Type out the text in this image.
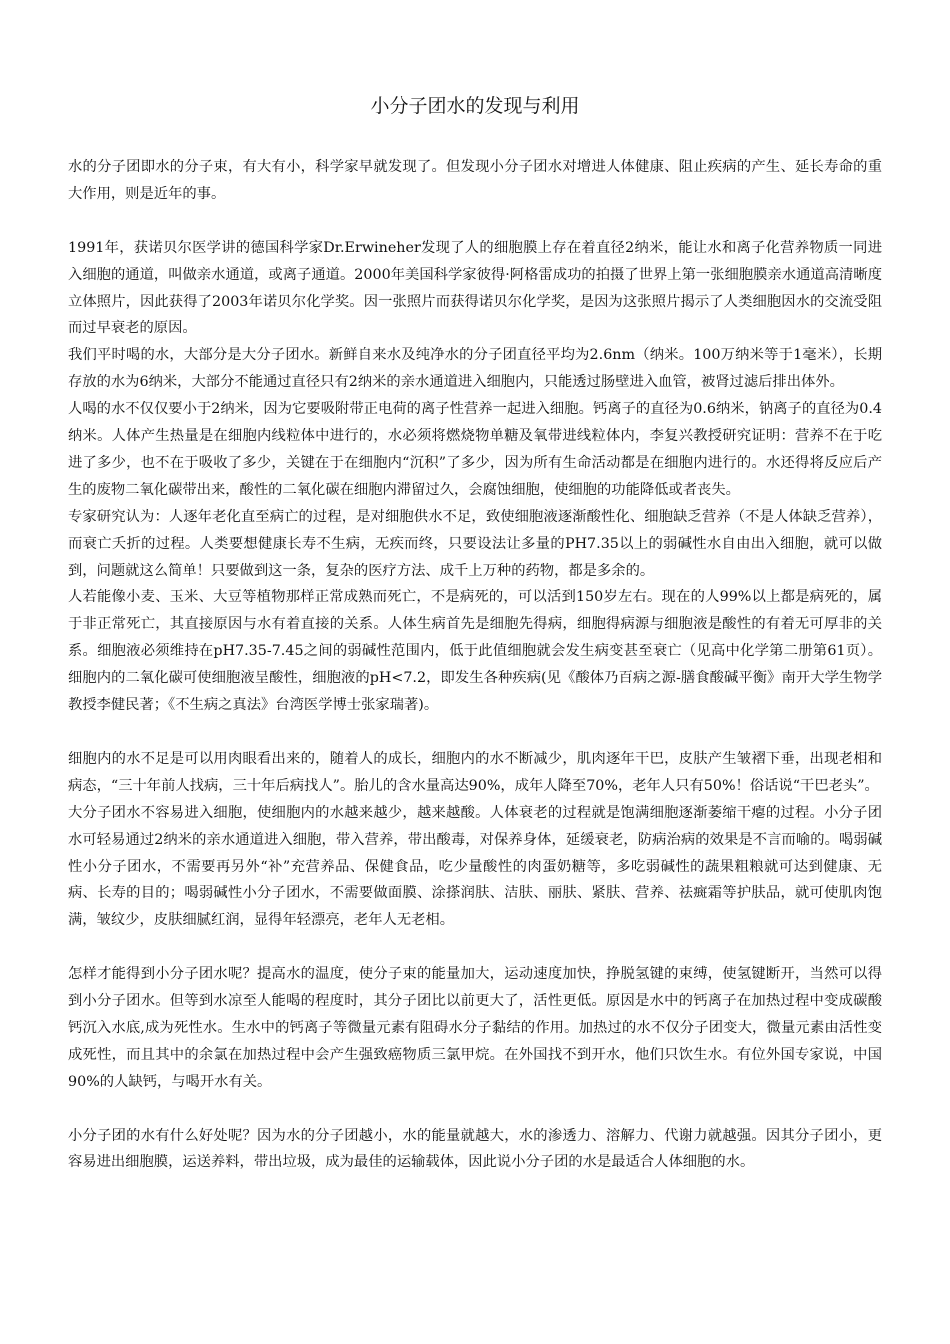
小分子团水的发现与利用

水的分子团即水的分子束，有大有小，科学家早就发现了。但发现小分子团水对增进人体健康、阻止疾病的产生、延长寿命的重大作用，则是近年的事。

1991年，获诺贝尔医学讲的德国科学家Dr.Erwineher发现了人的细胞膜上存在着直径2纳米，能让水和离子化营养物质一同进入细胞的通道，叫做亲水通道，或离子通道。2000年美国科学家彼得·阿格雷成功的拍摄了世界上第一张细胞膜亲水通道高清晰度立体照片，因此获得了2003年诺贝尔化学奖。因一张照片而获得诺贝尔化学奖，是因为这张照片揭示了人类细胞因水的交流受阻而过早衰老的原因。

我们平时喝的水，大部分是大分子团水。新鲜自来水及纯净水的分子团直径平均为2.6nm（纳米。100万纳米等于1毫米），长期存放的水为6纳米，大部分不能通过直径只有2纳米的亲水通道进入细胞内，只能透过肠壁进入血管，被肾过滤后排出体外。

人喝的水不仅仅要小于2纳米，因为它要吸附带正电荷的离子性营养一起进入细胞。钙离子的直径为0.6纳米，钠离子的直径为0.4纳米。人体产生热量是在细胞内线粒体中进行的，水必须将燃烧物单糖及氧带进线粒体内，李复兴教授研究证明：营养不在于吃进了多少，也不在于吸收了多少，关键在于在细胞内“沉积”了多少，因为所有生命活动都是在细胞内进行的。水还得将反应后产生的废物二氧化碳带出来，酸性的二氧化碳在细胞内滞留过久，会腐蚀细胞，使细胞的功能降低或者丧失。

专家研究认为：人逐年老化直至病亡的过程，是对细胞供水不足，致使细胞液逐渐酸性化、细胞缺乏营养（不是人体缺乏营养），而衰亡夭折的过程。人类要想健康长寿不生病，无疾而终，只要设法让多量的PH7.35以上的弱碱性水自由出入细胞，就可以做到，问题就这么简单！只要做到这一条，复杂的医疗方法、成千上万种的药物，都是多余的。

人若能像小麦、玉米、大豆等植物那样正常成熟而死亡，不是病死的，可以活到150岁左右。现在的人99%以上都是病死的，属于非正常死亡，其直接原因与水有着直接的关系。人体生病首先是细胞先得病，细胞得病源与细胞液是酸性的有着无可厚非的关系。细胞液必须维持在pH7.35-7.45之间的弱碱性范围内，低于此值细胞就会发生病变甚至衰亡（见高中化学第二册第61页）。细胞内的二氧化碳可使细胞液呈酸性，细胞液的pH<7.2，即发生各种疾病(见《酸体乃百病之源-膳食酸碱平衡》南开大学生物学教授李健民著；《不生病之真法》台湾医学博士张家瑞著)。

细胞内的水不足是可以用肉眼看出来的，随着人的成长，细胞内的水不断减少，肌肉逐年干巴，皮肤产生皱褶下垂，出现老相和病态，“三十年前人找病，三十年后病找人”。胎儿的含水量高达90%，成年人降至70%，老年人只有50%！俗话说“干巴老头”。

大分子团水不容易进入细胞，使细胞内的水越来越少，越来越酸。人体衰老的过程就是饱满细胞逐渐萎缩干瘪的过程。小分子团水可轻易通过2纳米的亲水通道进入细胞，带入营养，带出酸毒，对保养身体，延缓衰老，防病治病的效果是不言而喻的。喝弱碱性小分子团水，不需要再另外“补”充营养品、保健食品，吃少量酸性的肉蛋奶糖等，多吃弱碱性的蔬果粗粮就可达到健康、无病、长寿的目的；喝弱碱性小分子团水，不需要做面膜、涂搽润肤、洁肤、丽肤、紧肤、营养、祛癍霜等护肤品，就可使肌肉饱满，皱纹少，皮肤细腻红润，显得年轻漂亮，老年人无老相。

怎样才能得到小分子团水呢？提高水的温度，使分子束的能量加大，运动速度加快，挣脱氢键的束缚，使氢键断开，当然可以得到小分子团水。但等到水凉至人能喝的程度时，其分子团比以前更大了，活性更低。原因是水中的钙离子在加热过程中变成碳酸钙沉入水底,成为死性水。生水中的钙离子等微量元素有阻碍水分子黏结的作用。加热过的水不仅分子团变大，微量元素由活性变成死性，而且其中的余氯在加热过程中会产生强致癌物质三氯甲烷。在外国找不到开水，他们只饮生水。有位外国专家说，中国90%的人缺钙，与喝开水有关。

小分子团的水有什么好处呢？因为水的分子团越小，水的能量就越大，水的渗透力、溶解力、代谢力就越强。因其分子团小，更容易进出细胞膜，运送养料，带出垃圾，成为最佳的运输载体，因此说小分子团的水是最适合人体细胞的水。
